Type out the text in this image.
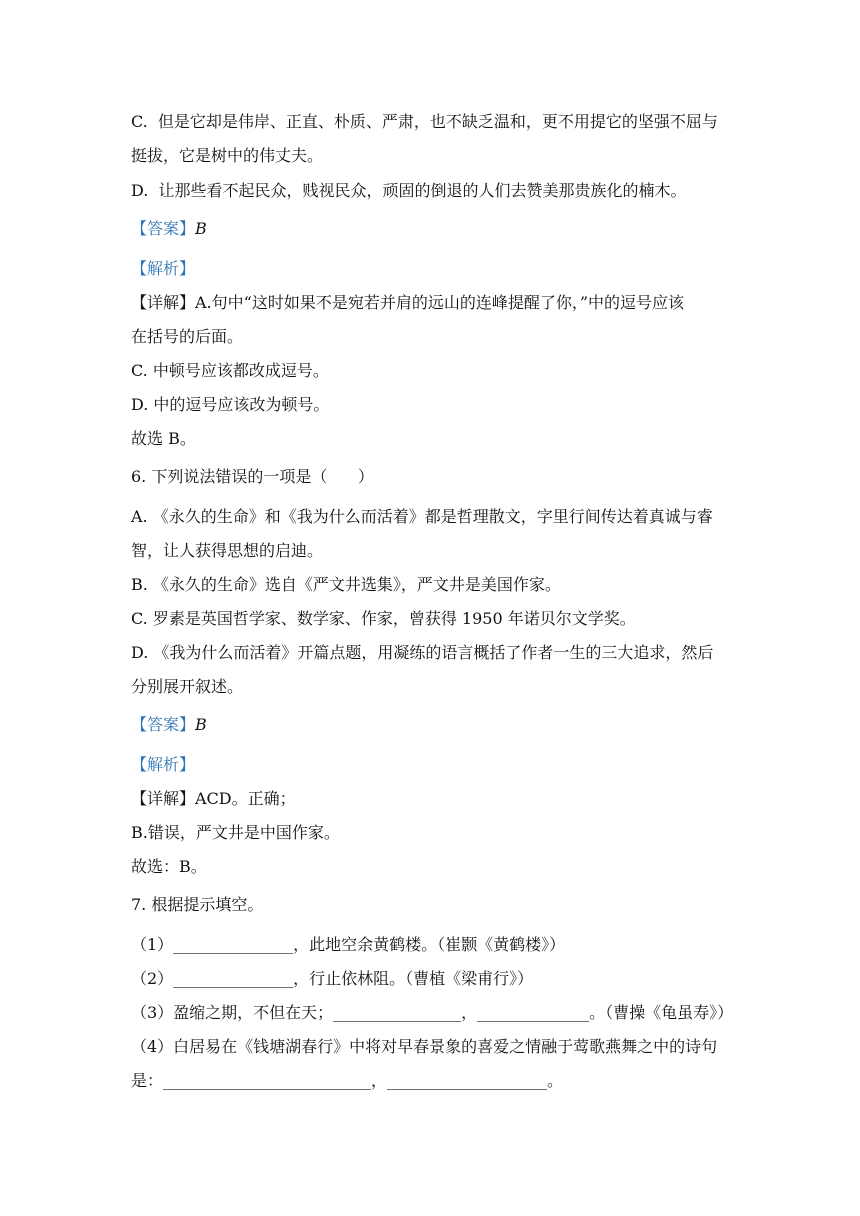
C.  但是它却是伟岸、正直、朴质、严肃，也不缺乏温和，更不用提它的坚强不屈与
挺拔，它是树中的伟丈夫。
D.  让那些看不起民众，贱视民众，顽固的倒退的人们去赞美那贵族化的楠木。
【答案】B
【解析】
【详解】A.句中“这时如果不是宛若并肩的远山的连峰提醒了你，”中的逗号应该
在括号的后面。
C. 中顿号应该都改成逗号。
D. 中的逗号应该改为顿号。
故选 B。
6. 下列说法错误的一项是（      ）
A. 《永久的生命》和《我为什么而活着》都是哲理散文，字里行间传达着真诚与睿
智，让人获得思想的启迪。
B. 《永久的生命》选自《严文井选集》，严文井是美国作家。
C. 罗素是英国哲学家、数学家、作家，曾获得 1950 年诺贝尔文学奖。
D. 《我为什么而活着》开篇点题，用凝练的语言概括了作者一生的三大追求，然后
分别展开叙述。
【答案】B
【解析】
【详解】ACD。正确；
B.错误，严文井是中国作家。
故选：B。
7. 根据提示填空。
（1）_______________，此地空余黄鹤楼。（崔颢《黄鹤楼》）
（2）_______________，行止依林阻。（曹植《梁甫行》）
（3）盈缩之期，不但在天；________________，______________。（曹操《龟虽寿》）
（4）白居易在《钱塘湖春行》中将对早春景象的喜爱之情融于莺歌燕舞之中的诗句
是：__________________________，____________________。
